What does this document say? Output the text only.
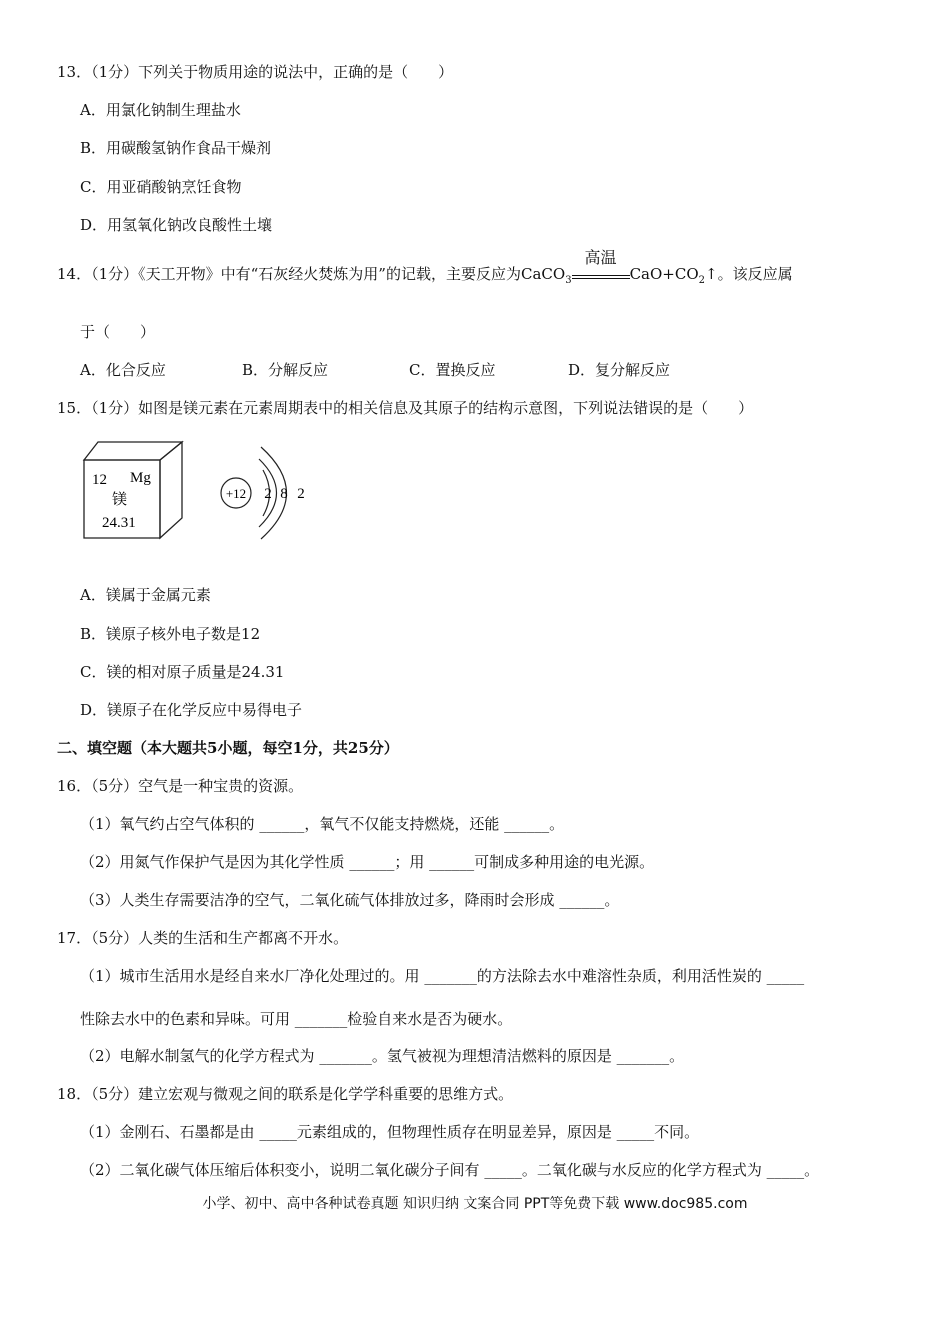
13．（1分）下列关于物质用途的说法中，正确的是（　　）
A．用氯化钠制生理盐水
B．用碳酸氢钠作食品干燥剂
C．用亚硝酸钠烹饪食物
D．用氢氧化钠改良酸性土壤
14．（1分）《天工开物》中有“石灰经火焚炼为用”的记载，主要反应为CaCO$_3$
高温
$CaO+CO_2↑$。该反应属
于（　　）
A．化合反应	B．分解反应	C．置换反应	D．复分解反应
15．（1分）如图是镁元素在元素周期表中的相关信息及其原子的结构示意图，下列说法错误的是（　　）
12 Mg
镁
24.31
+12 2 8 2
A．镁属于金属元素
B．镁原子核外电子数是12
C．镁的相对原子质量是24.31
D．镁原子在化学反应中易得电子
二、填空题（本大题共5小题，每空1分，共25分）
16．（5分）空气是一种宝贵的资源。
（1）氧气约占空气体积的 ______，氧气不仅能支持燃烧，还能 ______。
（2）用氮气作保护气是因为其化学性质 ______；用 ______可制成多种用途的电光源。
（3）人类生存需要洁净的空气，二氧化硫气体排放过多，降雨时会形成 ______。
17．（5分）人类的生活和生产都离不开水。
（1）城市生活用水是经自来水厂净化处理过的。用 _______的方法除去水中难溶性杂质，利用活性炭的 _____
性除去水中的色素和异味。可用 _______检验自来水是否为硬水。
（2）电解水制氢气的化学方程式为 _______。氢气被视为理想清洁燃料的原因是 _______。
18．（5分）建立宏观与微观之间的联系是化学学科重要的思维方式。
（1）金刚石、石墨都是由 _____元素组成的，但物理性质存在明显差异，原因是 _____不同。
（2）二氧化碳气体压缩后体积变小，说明二氧化碳分子间有 _____。二氧化碳与水反应的化学方程式为 _____。
小学、初中、高中各种试卷真题 知识归纳 文案合同 PPT等免费下载 www.doc985.com
